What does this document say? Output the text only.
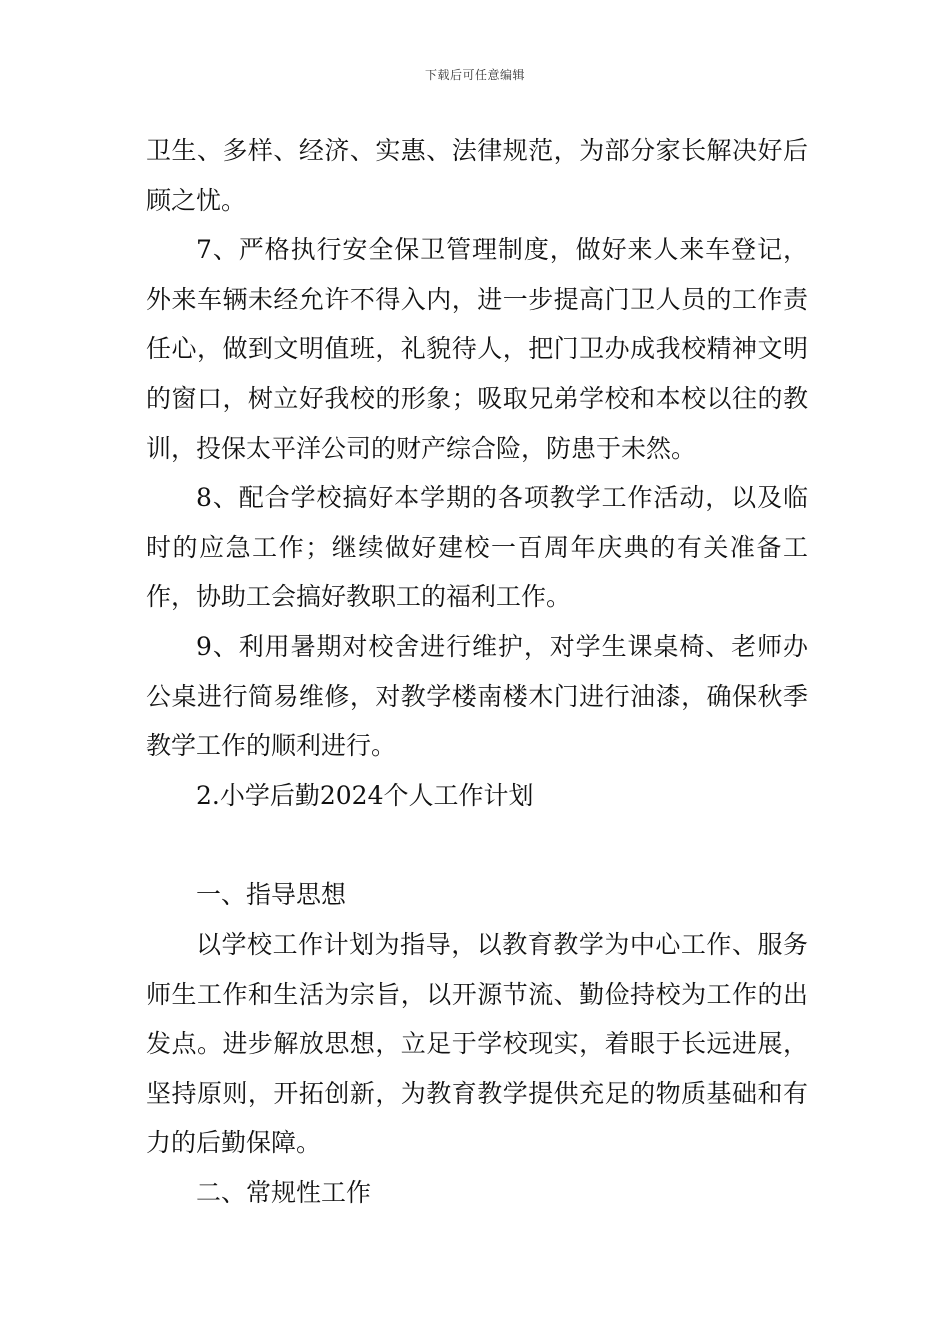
下载后可任意编辑

卫生、多样、经济、实惠、法律规范，为部分家长解决好后顾之忧。

7、严格执行安全保卫管理制度，做好来人来车登记，外来车辆未经允许不得入内，进一步提高门卫人员的工作责任心，做到文明值班，礼貌待人，把门卫办成我校精神文明的窗口，树立好我校的形象；吸取兄弟学校和本校以往的教训，投保太平洋公司的财产综合险，防患于未然。

8、配合学校搞好本学期的各项教学工作活动，以及临时的应急工作；继续做好建校一百周年庆典的有关准备工作，协助工会搞好教职工的福利工作。

9、利用暑期对校舍进行维护，对学生课桌椅、老师办公桌进行简易维修，对教学楼南楼木门进行油漆，确保秋季教学工作的顺利进行。

2.小学后勤2024个人工作计划

一、指导思想

以学校工作计划为指导，以教育教学为中心工作、服务师生工作和生活为宗旨，以开源节流、勤俭持校为工作的出发点。进步解放思想，立足于学校现实，着眼于长远进展，坚持原则，开拓创新，为教育教学提供充足的物质基础和有力的后勤保障。

二、常规性工作
